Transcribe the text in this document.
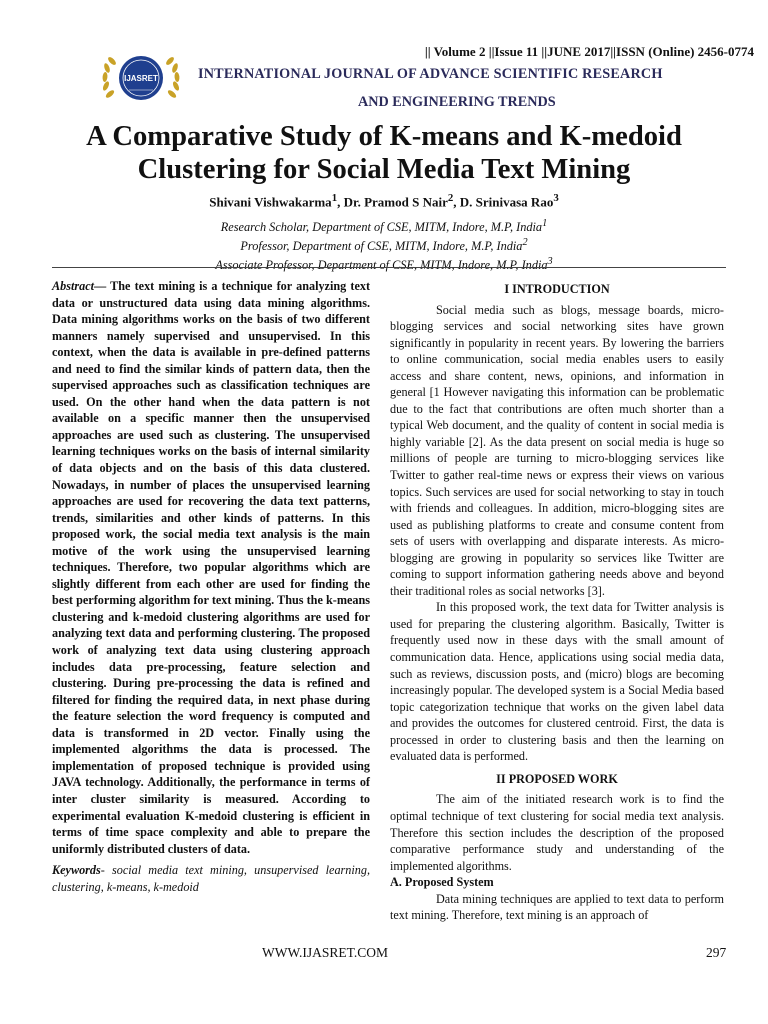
IJASRET
|| Volume 2 ||Issue 11 ||JUNE 2017||ISSN (Online) 2456-0774
INTERNATIONAL JOURNAL OF ADVANCE SCIENTIFIC RESEARCH
AND ENGINEERING TRENDS
A Comparative Study of K-means and K-medoid
Clustering for Social Media Text Mining
Shivani Vishwakarma$^1$, Dr. Pramod S Nair$^2$, D. Srinivasa Rao$^3$
Research Scholar, Department of CSE, MITM, Indore, M.P, India$^1$
Professor, Department of CSE, MITM, Indore, M.P, India$^2$
Associate Professor, Department of CSE, MITM, Indore, M.P, India$^3$

Abstract— The text mining is a technique for analyzing text data or unstructured data using data mining algorithms. Data mining algorithms works on the basis of two different manners namely supervised and unsupervised. In this context, when the data is available in pre-defined patterns and need to find the similar kinds of pattern data, then the supervised approaches such as classification techniques are used. On the other hand when the data pattern is not available on a specific manner then the unsupervised approaches are used such as clustering. The unsupervised learning techniques works on the basis of internal similarity of data objects and on the basis of this data clustered. Nowadays, in number of places the unsupervised learning approaches are used for recovering the data text patterns, trends, similarities and other kinds of patterns. In this proposed work, the social media text analysis is the main motive of the work using the unsupervised learning techniques. Therefore, two popular algorithms which are slightly different from each other are used for finding the best performing algorithm for text mining. Thus the k-means clustering and k-medoid clustering algorithms are used for analyzing text data and performing clustering. The proposed work of analyzing text data using clustering approach includes data pre-processing, feature selection and clustering. During pre-processing the data is refined and filtered for finding the required data, in next phase during the feature selection the word frequency is computed and data is transformed in 2D vector. Finally using the implemented algorithms the data is processed. The implementation of proposed technique is provided using JAVA technology. Additionally, the performance in terms of inter cluster similarity is measured. According to experimental evaluation K-medoid clustering is efficient in terms of time space complexity and able to prepare the uniformly distributed clusters of data.

Keywords- social media text mining, unsupervised learning, clustering, k-means, k-medoid

I INTRODUCTION

Social media such as blogs, message boards, micro-blogging services and social networking sites have grown significantly in popularity in recent years. By lowering the barriers to online communication, social media enables users to easily access and share content, news, opinions, and information in general [1 However navigating this information can be problematic due to the fact that contributions are often much shorter than a typical Web document, and the quality of content in social media is highly variable [2]. As the data present on social media is huge so millions of people are turning to micro-blogging services like Twitter to gather real-time news or express their views on various topics. Such services are used for social networking to stay in touch with friends and colleagues. In addition, micro-blogging sites are used as publishing platforms to create and consume content from sets of users with overlapping and disparate interests. As micro-blogging are growing in popularity so services like Twitter are coming to support information gathering needs above and beyond their traditional roles as social networks [3].

In this proposed work, the text data for Twitter analysis is used for preparing the clustering algorithm. Basically, Twitter is frequently used now in these days with the small amount of communication data. Hence, applications using social media data, such as reviews, discussion posts, and (micro) blogs are becoming increasingly popular. The developed system is a Social Media based topic categorization technique that works on the given label data and provides the outcomes for clustered centroid. First, the data is processed in order to clustering basis and then the learning on evaluated data is performed.

II PROPOSED WORK

The aim of the initiated research work is to find the optimal technique of text clustering for social media text analysis. Therefore this section includes the description of the proposed comparative performance study and understanding of the implemented algorithms.

A. Proposed System

Data mining techniques are applied to text data to perform text mining. Therefore, text mining is an approach of

WWW.IJASRET.COM	297
